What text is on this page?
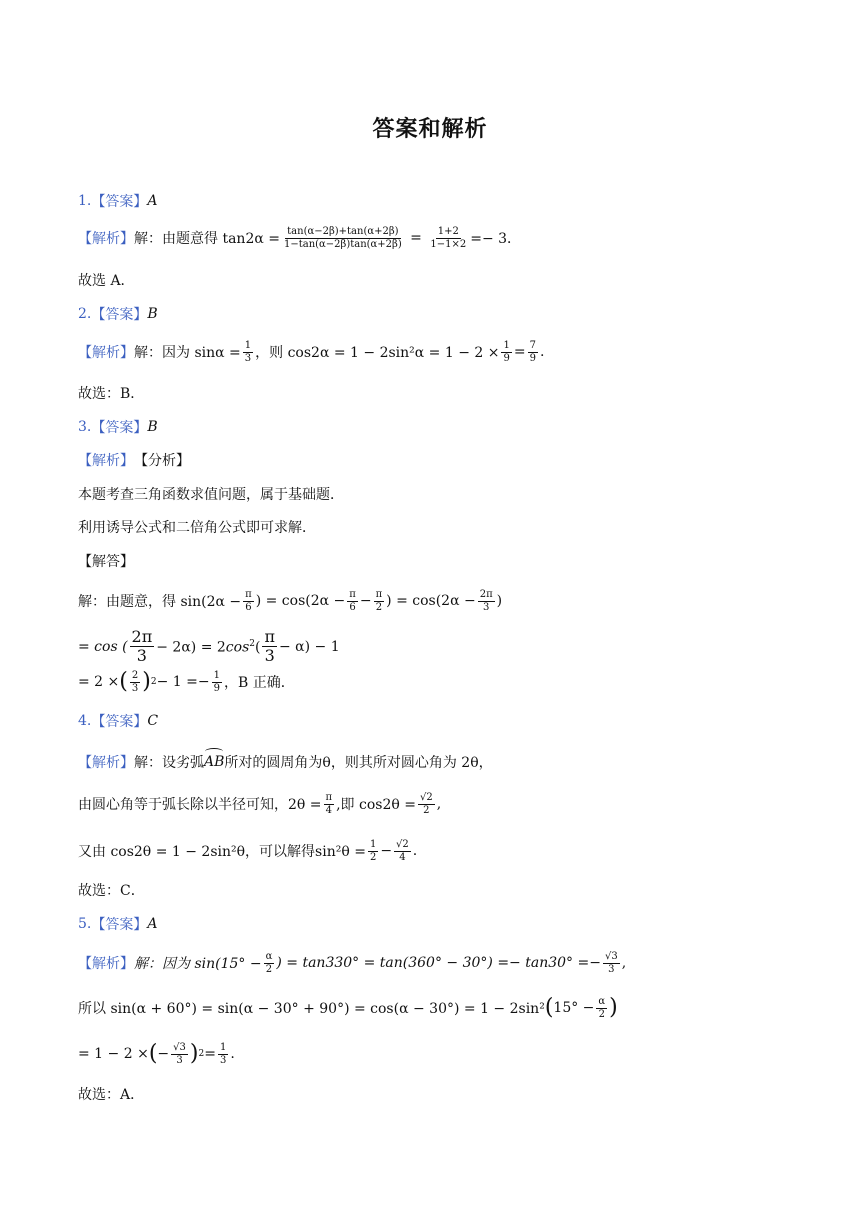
答案和解析
1. 【答案】 A
【解析】 解：由题意得 $\tan 2\alpha = \frac{\tan(\alpha-2\beta)+\tan(\alpha+2\beta)}{1-\tan(\alpha-2\beta)\tan(\alpha+2\beta)} = \frac{1+2}{1-1\times 2} =- 3$．
故选 A．
2. 【答案】 B
【解析】 解：因为 $\sin\alpha = \frac{1}{3}$ ，则 $\cos 2\alpha = 1 - 2\sin^2\alpha = 1 - 2 \times \frac{1}{9} = \frac{7}{9}$ .
故选：B．
3. 【答案】 B
【解析】 【分析】
本题考查三角函数求值问题，属于基础题．
利用诱导公式和二倍角公式即可求解．
【解答】
解：由题意，得 $\sin(2\alpha - \frac{\pi}{6}$ ) = $\cos(2\alpha - \frac{\pi}{6} - \frac{\pi}{2}$ ) = $\cos(2\alpha - \frac{2\pi}{3}$ )
= cos (
2π
$3 - 2\alpha) = 2\cos^2$(
π
3 − α) − 1
= 2 × ( 2
3 ) $2 - 1 =- \frac{1}{9}$ ，B 正确．
4. 【答案】 C
【解析】 解：设劣弧 AB 所对的圆周角为θ，则其所对圆心角为 2θ，
由圆心角等于弧长除以半径可知，$2\theta = \frac{\pi}{4}$ ,即 $\cos 2\theta = \frac{√2}{2}$ ,
又由 cos2θ = 1 − 2sin²θ，可以解得$\sin^2\theta = \frac{1}{2} - \frac{√2}{4}$ .
故选：C．
5. 【答案】 A
【解析】 解：因为 $\sin(15^\circ - \frac{\alpha}{2}$ ) = $\tan 330^\circ = \tan(360^\circ - 30^\circ) =- \tan 30^\circ =- \frac{√3}{3}$ ,
所以 sin(α + 60°) = sin(α − 30° + 90°) = cos(α − 30°) = 1 − 2sin² ( $15^\circ - \frac{\alpha}{2}$ )
= 1 − 2 × ( − $\frac{√3}{3}$ ) $2 = \frac{1}{3}$ .
故选：A．
